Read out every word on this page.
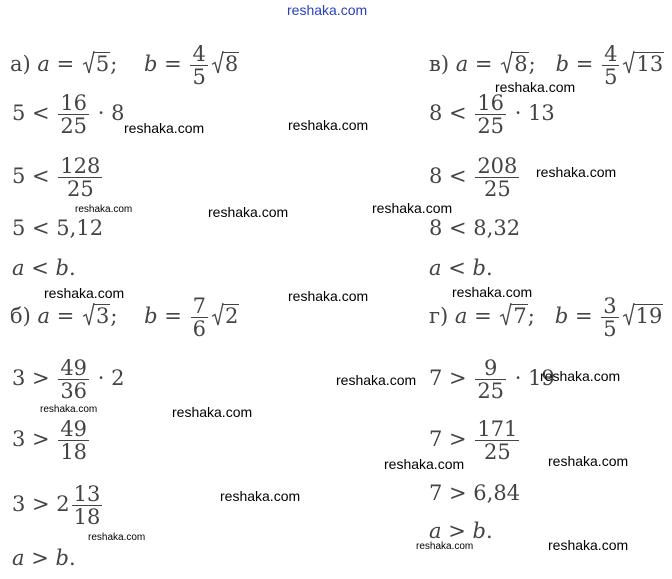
а) a =
5;    $b = \frac{4}{5} 8$
$5 < \frac{16}{25} \cdot 8$
$5 < \frac{128}{25}$
5 < 5,12
a < b.
в) a =
8;   $b = \frac{4}{5} 13$
$8 < \frac{16}{25} \cdot 13$
$8 < \frac{208}{25}$
8 < 8,32
a < b.
б) a =
3;    $b = \frac{7}{6} 2$
$3 > \frac{49}{36} \cdot 2$
$3 > \frac{49}{18}$
$3 > 2 \frac{13}{18}$
a > b.
г) a =
7;   $b = \frac{3}{5} 19$
$7 > \frac{9}{25} \cdot 19$
$7 > \frac{171}{25}$
7 > 6,84
a > b.
reshaka.com
reshaka.com
reshaka.com	reshaka.com
reshaka.com
reshaka.com	reshaka.com	reshaka.com
reshaka.com	reshaka.com	reshaka.com
reshaka.com	reshaka.com
reshaka.com	reshaka.com
reshaka.com	reshaka.com
reshaka.com
reshaka.com
reshaka.com	reshaka.com
